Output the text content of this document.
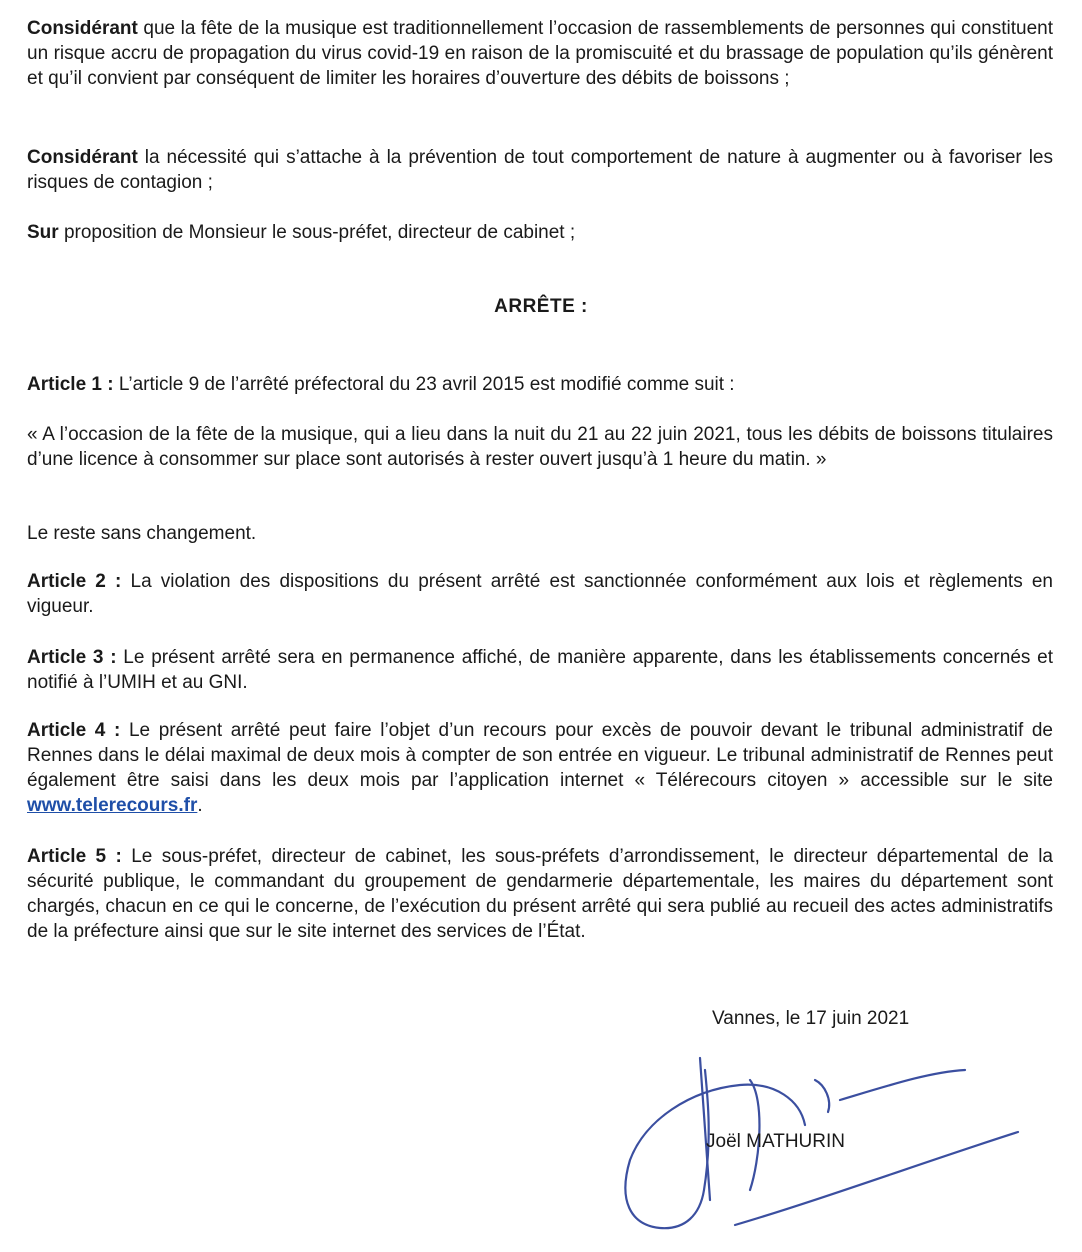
Considérant que la fête de la musique est traditionnellement l’occasion de rassemblements de personnes qui constituent un risque accru de propagation du virus covid-19 en raison de la promiscuité et du brassage de population qu’ils génèrent et qu’il convient par conséquent de limiter les horaires d’ouverture des débits de boissons ;

Considérant la nécessité qui s’attache à la prévention de tout comportement de nature à augmenter ou à favoriser les risques de contagion ;

Sur proposition de Monsieur le sous-préfet, directeur de cabinet ;

ARRÊTE :

Article 1 : L’article 9 de l’arrêté préfectoral du 23 avril 2015 est modifié comme suit :

« A l’occasion de la fête de la musique, qui a lieu dans la nuit du 21 au 22 juin 2021, tous les débits de boissons titulaires d’une licence à consommer sur place sont autorisés à rester ouvert jusqu’à 1 heure du matin. »

Le reste sans changement.

Article 2 : La violation des dispositions du présent arrêté est sanctionnée conformément aux lois et règlements en vigueur.

Article 3 : Le présent arrêté sera en permanence affiché, de manière apparente, dans les établissements concernés et notifié à l’UMIH et au GNI.

Article 4 : Le présent arrêté peut faire l’objet d’un recours pour excès de pouvoir devant le tribunal administratif de Rennes dans le délai maximal de deux mois à compter de son entrée en vigueur. Le tribunal administratif de Rennes peut également être saisi dans les deux mois par l’application internet « Télérecours citoyen » accessible sur le site www.telerecours.fr.

Article 5 : Le sous-préfet, directeur de cabinet, les sous-préfets d’arrondissement, le directeur départemental de la sécurité publique, le commandant du groupement de gendarmerie départementale, les maires du département sont chargés, chacun en ce qui le concerne, de l’exécution du présent arrêté qui sera publié au recueil des actes administratifs de la préfecture ainsi que sur le site internet des services de l’État.

Vannes, le 17 juin 2021
Joël MATHURIN
